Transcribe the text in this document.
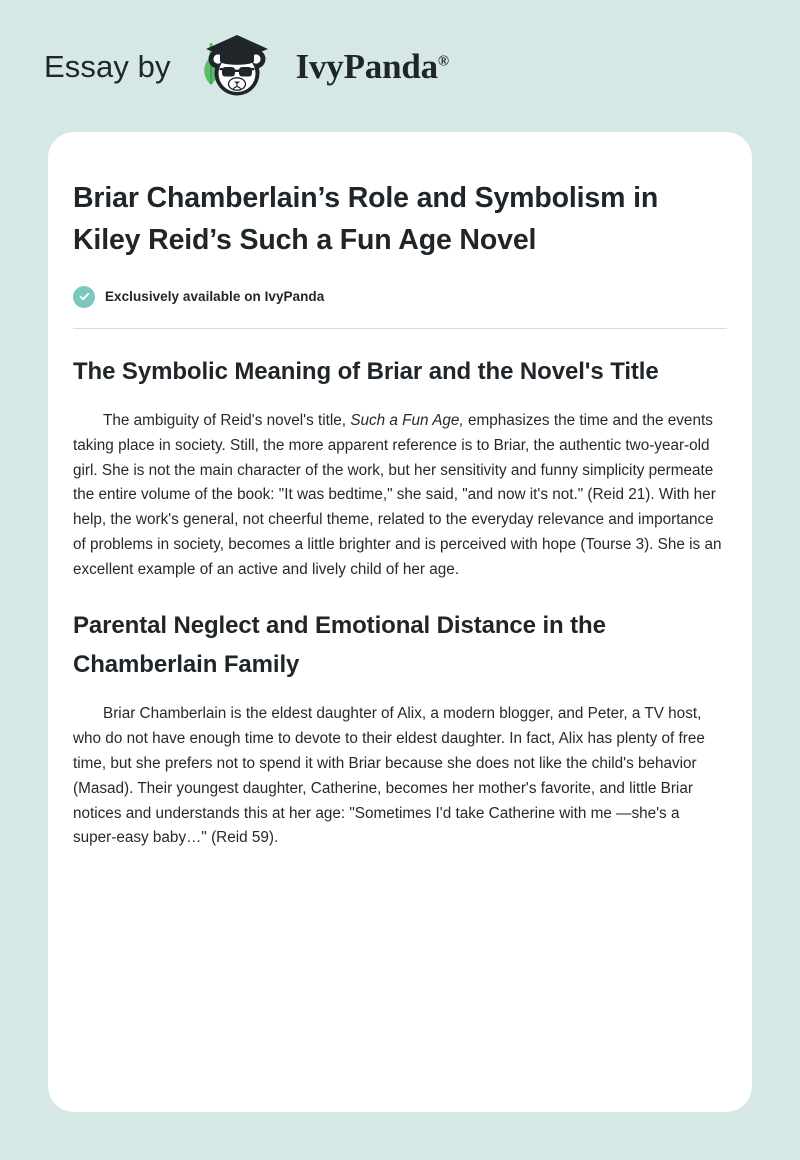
Essay by	IvyPanda®
Briar Chamberlain’s Role and Symbolism in Kiley Reid’s Such a Fun Age Novel
Exclusively available on IvyPanda
The Symbolic Meaning of Briar and the Novel's Title

The ambiguity of Reid's novel's title, Such a Fun Age, emphasizes the time and the events taking place in society. Still, the more apparent reference is to Briar, the authentic two-year-old girl. She is not the main character of the work, but her sensitivity and funny simplicity permeate the entire volume of the book: "It was bedtime," she said, "and now it's not." (Reid 21). With her help, the work's general, not cheerful theme, related to the everyday relevance and importance of problems in society, becomes a little brighter and is perceived with hope (Tourse 3). She is an excellent example of an active and lively child of her age.

Parental Neglect and Emotional Distance in the Chamberlain Family

Briar Chamberlain is the eldest daughter of Alix, a modern blogger, and Peter, a TV host, who do not have enough time to devote to their eldest daughter. In fact, Alix has plenty of free time, but she prefers not to spend it with Briar because she does not like the child's behavior (Masad). Their youngest daughter, Catherine, becomes her mother's favorite, and little Briar notices and understands this at her age: "Sometimes I'd take Catherine with me —she's a super-easy baby…" (Reid 59).
